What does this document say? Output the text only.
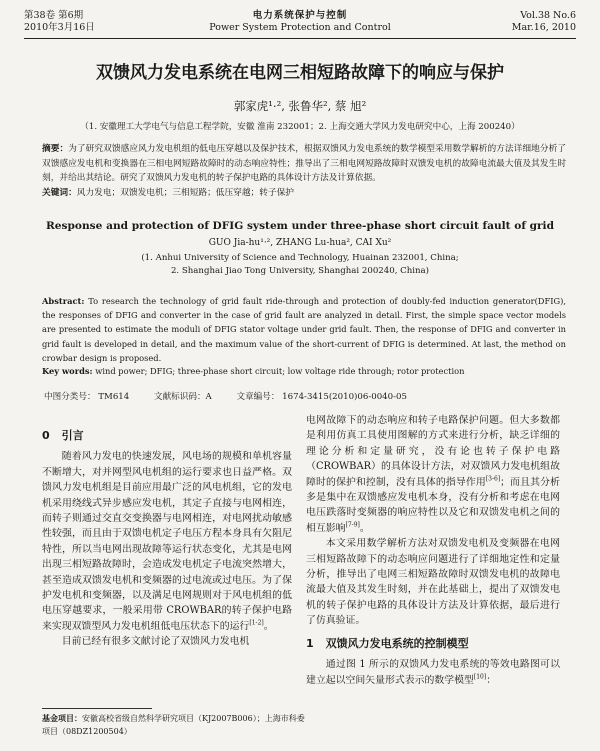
第38卷 第6期
2010年3月16日
电力系统保护与控制
Power System Protection and Control
Vol.38 No.6
Mar.16, 2010
双馈风力发电系统在电网三相短路故障下的响应与保护
郭家虎¹·², 张鲁华², 蔡 旭²
（1. 安徽理工大学电气与信息工程学院，安徽 淮南 232001；2. 上海交通大学风力发电研究中心，上海 200240）
摘要：为了研究双馈感应风力发电机组的低电压穿越以及保护技术，根据双馈风力发电系统的数学模型采用数学解析的方法详细地分析了双馈感应发电机和变换器在三相电网短路故障时的动态响应特性；推导出了三相电网短路故障时双馈发电机的故障电流最大值及其发生时刻，并给出其结论。研究了双馈风力发电机的转子保护电路的具体设计方法及计算依据。
关键词：风力发电；双馈发电机；三相短路；低压穿越；转子保护
Response and protection of DFIG system under three-phase short circuit fault of grid
GUO Jia-hu¹·², ZHANG Lu-hua², CAI Xu²
(1. Anhui University of Science and Technology, Huainan 232001, China;
2. Shanghai Jiao Tong University, Shanghai 200240, China)
Abstract: To research the technology of grid fault ride-through and protection of doubly-fed induction generator(DFIG), the responses of DFIG and converter in the case of grid fault are analyzed in detail. First, the simple space vector models are presented to estimate the moduli of DFIG stator voltage under grid fault. Then, the response of DFIG and converter in grid fault is developed in detail, and the maximum value of the short-current of DFIG is determined. At last, the method on crowbar design is proposed.
Key words: wind power; DFIG; three-phase short circuit; low voltage ride through; rotor protection
中图分类号： TM614	文献标识码：A	文章编号： 1674-3415(2010)06-0040-05
0 引言

随着风力发电的快速发展，风电场的规模和单机容量不断增大，对并网型风电机组的运行要求也日益严格。双馈风力发电机组是目前应用最广泛的风电机组，它的发电机采用绕线式异步感应发电机，其定子直接与电网相连，而转子则通过交直交变换器与电网相连，对电网扰动敏感性较强，而且由于双馈电机定子电压方程本身具有欠阻尼特性，所以当电网出现故障等运行状态变化，尤其是电网出现三相短路故障时，会造成发电机定子电流突然增大，甚至造成双馈发电机和变频器的过电流或过电压。为了保护发电机和变频器，以及满足电网规则对于风电机组的低电压穿越要求，一般采用带 CROWBAR的转子保护电路来实现双馈型风力发电机组低电压状态下的运行[1-2]。

目前已经有很多文献讨论了双馈风力发电机

电网故障下的动态响应和转子电路保护问题。但大多数都是利用仿真工具使用图解的方式来进行分析，缺乏详细的理论分析和定量研究，没有论也转子保护电路（CROWBAR）的具体设计方法，对双馈风力发电机组故障时的保护和控制，没有具体的指导作用[3-6]；而且其分析多是集中在双馈感应发电机本身，没有分析和考虑在电网电压跌落时变频器的响应特性以及它和双馈发电机之间的相互影响[7-9]。

本文采用数学解析方法对双馈发电机及变频器在电网三相短路故障下的动态响应问题进行了详细地定性和定量分析，推导出了电网三相短路故障时双馈发电机的故障电流最大值及其发生时刻，并在此基础上，提出了双馈发电机的转子保护电路的具体设计方法及计算依据，最后进行了仿真验证。

1 双馈风力发电系统的控制模型

通过图 1 所示的双馈风力发电系统的等效电路图可以建立起以空间矢量形式表示的数学模型[10]：

基金项目：安徽高校省级自然科学研究项目（KJ2007B006）；上海市科委项目（08DZ1200504）
